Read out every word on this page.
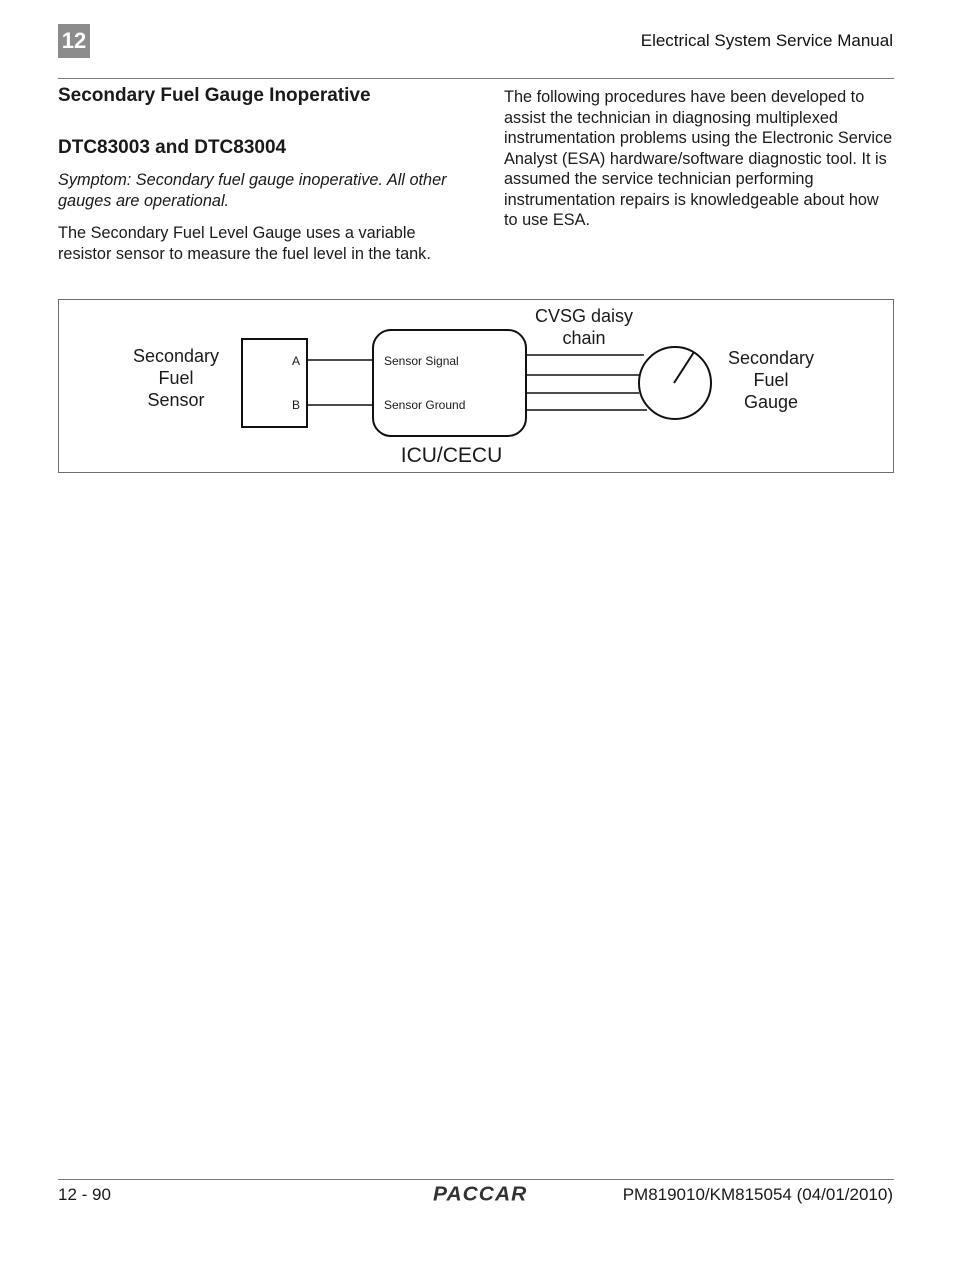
12	Electrical System Service Manual
Secondary Fuel Gauge Inoperative
DTC83003 and DTC83004

Symptom: Secondary fuel gauge inoperative. All other gauges are operational.

The Secondary Fuel Level Gauge uses a variable resistor sensor to measure the fuel level in the tank.

The following procedures have been developed to assist the technician in diagnosing multiplexed instrumentation problems using the Electronic Service Analyst (ESA) hardware/software diagnostic tool. It is assumed the service technician performing instrumentation repairs is knowledgeable about how to use ESA.

Secondary
Fuel
Sensor
A
B
Sensor Signal
Sensor Ground
ICU/CECU
CVSG daisy
chain
Secondary
Fuel
Gauge
12 - 90	PACCAR	PM819010/KM815054 (04/01/2010)
